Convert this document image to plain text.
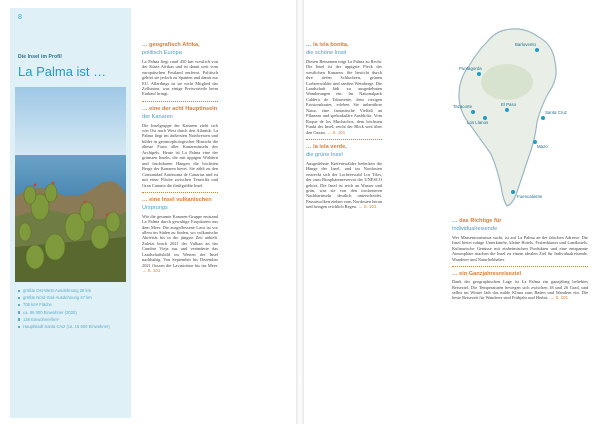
8
Die Insel im Profil
La Palma ist …
größte Ost-West-Ausdehnung 28 km
größte Nord-Süd-Ausdehnung 47 km
706 km² Fläche
ca. 86 000 Einwohner (2020)
126 Einwohner/km²
Hauptstadt Santa Cruz (ca. 15 600 Einwohner)
… geografisch Afrika,
politisch Europa
La Palma liegt rund 450 km westlich von der Küste Afrikas und ist damit weit vom europäischen Festland entfernt. Politisch gehört sie jedoch zu Spanien und damit zur EU. Allerdings ist sie nicht Mitglied der Zollunion, was einige Preisvorteile beim Einkauf bringt.
… eine der acht Hauptinseln
der Kanaren
Die Inselgruppe der Kanaren zieht sich von Ost nach West durch den Atlantik. La Palma liegt im äußersten Nordwesten und bildet in geomorphologischer Hinsicht die älteste Form aller Kanareninseln des Archipels. Heute ist La Palma eine der grünsten Inseln, die mit üppigen Wäldern und fruchtbaren Hängen die höchsten Berge der Kanaren bietet. Sie zählt zu den Comunidad Autónoma de Canarias und ist mit einer Fläche zwischen Teneriffa und Gran Canaria die fünftgrößte Insel.
… eine Insel vulkanischen
Ursprungs
Wie die gesamte Kanaren-Gruppe entstand La Palma durch gewaltige Eruptionen aus dem Meer. Die ausgeflossene Lava ist vor allem im Süden zu finden, wo vulkanische Aktivität bis in die jüngste Zeit anhielt. Zuletzt brach 2021 der Vulkan an der Cumbre Vieja aus und veränderte das Landschaftsbild im Westen der Insel nachhaltig. Von September bis Dezember 2021 flossen die Lavaströme bis ins Meer. → S. 101
… la isla bonita,
die schöne Insel
Diesen Beinamen trägt La Palma zu Recht. Die Insel ist der üppigste Fleck der westlichen Kanaren. Sie besticht durch ihre tiefen Schluchten, grünen Lorbeerwälder und sanften Weinberge. Die Landschaft lädt zu ausgedehnten Wanderungen ein. Im Nationalpark Caldera de Taburiente, dem riesigen Erosionskrater, erleben Sie unberührte Natur, eine fantastische Vielfalt an Pflanzen und spektakuläre Ausblicke. Vom Roque de los Muchachos, dem höchsten Punkt der Insel, reicht der Blick weit über den Ozean. → S. 101
… la isla verde,
die grüne Insel
Ausgedehnte Kiefernwälder bedecken die Hänge der Insel, und im Nordosten erstreckt sich der Lorbeerwald Los Tilos, der zum Biosphärenreservat der UNESCO gehört. Die Insel ist reich an Wasser und grün, was sie von den trockeneren Nachbarinseln deutlich unterscheidet. Passatwolken ziehen vom Nordosten heran und bringen reichlich Regen. → S. 101
Barlovento
Puntagorda
Los Llanos
Santa Cruz
El Paso
Tazacorte
Fuencaliente
Mazo
… das Richtige für
Individualreisende
Wer Massentourismus sucht, ist auf La Palma an der falschen Adresse. Die Insel bietet ruhige Unterkünfte, kleine Hotels, Ferienhäuser und Landhotels. Kulinarische Genüsse mit einheimischen Produkten und eine entspannte Atmosphäre machen die Insel zu einem idealen Ziel für Individualreisende, Wanderer und Naturliebhaber.
… ein Ganzjahresreiseziel
Dank der geographischen Lage ist La Palma ein ganzjährig beliebtes Reiseziel. Die Temperaturen bewegen sich zwischen 18 und 26 Grad, und selbst im Winter lädt das milde Klima zum Baden und Wandern ein. Die beste Reisezeit für Wanderer sind Frühjahr und Herbst. → S. 101
